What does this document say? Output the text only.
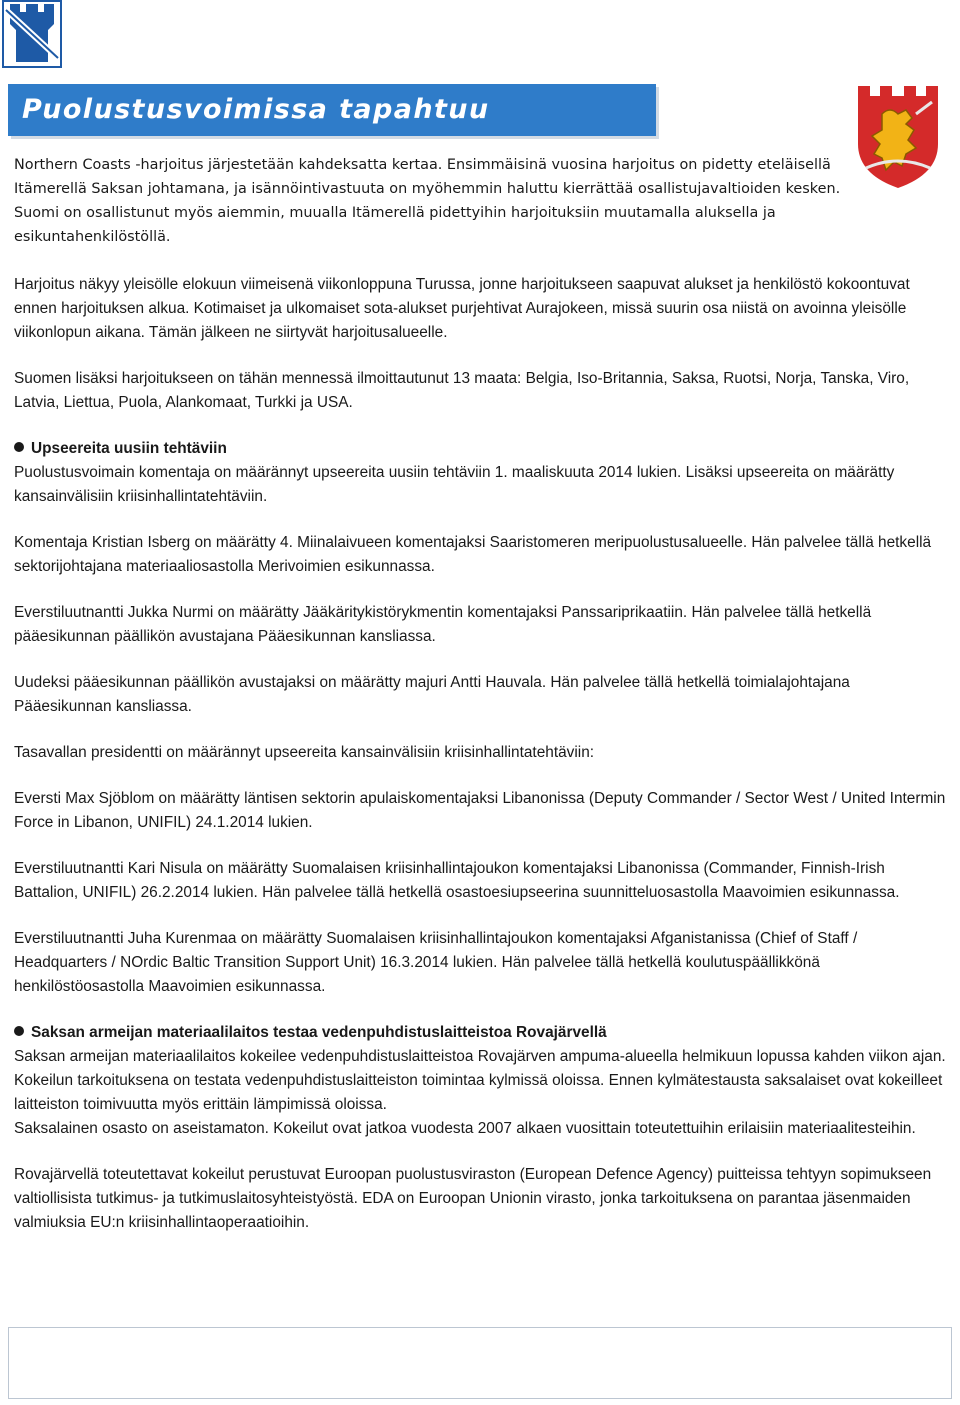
Puolustusvoimissa tapahtuu

Northern Coasts -harjoitus järjestetään kahdeksatta kertaa. Ensimmäisinä vuosina harjoitus on pidetty eteläisellä Itämerellä Saksan johtamana, ja isännöintivastuuta on myöhemmin haluttu kierrättää osallistujavaltioiden kesken. Suomi on osallistunut myös aiemmin, muualla Itämerellä pidettyihin harjoituksiin muutamalla aluksella ja esikuntahenkilöstöllä.

Harjoitus näkyy yleisölle elokuun viimeisenä viikonloppuna Turussa, jonne harjoitukseen saapuvat alukset ja henkilöstö kokoontuvat ennen harjoituksen alkua. Kotimaiset ja ulkomaiset sota-alukset purjehtivat Aurajokeen, missä suurin osa niistä on avoinna yleisölle viikonlopun aikana. Tämän jälkeen ne siirtyvät harjoitusalueelle.

Suomen lisäksi harjoitukseen on tähän mennessä ilmoittautunut 13 maata: Belgia, Iso-Britannia, Saksa, Ruotsi, Norja, Tanska, Viro, Latvia, Liettua, Puola, Alankomaat, Turkki ja USA.

Upseereita uusiin tehtäviin

Puolustusvoimain komentaja on määrännyt upseereita uusiin tehtäviin 1. maaliskuuta 2014 lukien. Lisäksi upseereita on määrätty kansainvälisiin kriisinhallintatehtäviin.

Komentaja Kristian Isberg on määrätty 4. Miinalaivueen komentajaksi Saaristomeren meripuolustusalueelle. Hän palvelee tällä hetkellä sektorijohtajana materiaaliosastolla Merivoimien esikunnassa.

Everstiluutnantti Jukka Nurmi on määrätty Jääkäritykistörykmentin komentajaksi Panssariprikaatiin. Hän palvelee tällä hetkellä pääesikunnan päällikön avustajana Pääesikunnan kansliassa.

Uudeksi pääesikunnan päällikön avustajaksi on määrätty majuri Antti Hauvala. Hän palvelee tällä hetkellä toimialajohtajana Pääesikunnan kansliassa.

Tasavallan presidentti on määrännyt upseereita kansainvälisiin kriisinhallintatehtäviin:

Eversti Max Sjöblom on määrätty läntisen sektorin apulaiskomentajaksi Libanonissa (Deputy Commander / Sector West / United Intermin Force in Libanon, UNIFIL) 24.1.2014 lukien.

Everstiluutnantti Kari Nisula on määrätty Suomalaisen kriisinhallintajoukon komentajaksi Libanonissa (Commander, Finnish-Irish Battalion, UNIFIL) 26.2.2014 lukien. Hän palvelee tällä hetkellä osastoesiupseerina suunnitteluosastolla Maavoimien esikunnassa.

Everstiluutnantti Juha Kurenmaa on määrätty Suomalaisen kriisinhallintajoukon komentajaksi Afganistanissa (Chief of Staff / Headquarters / NOrdic Baltic Transition Support Unit) 16.3.2014 lukien. Hän palvelee tällä hetkellä koulutuspäällikkönä henkilöstöosastolla Maavoimien esikunnassa.

Saksan armeijan materiaalilaitos testaa vedenpuhdistuslaitteistoa Rovajärvellä

Saksan armeijan materiaalilaitos kokeilee vedenpuhdistuslaitteistoa Rovajärven ampuma-alueella helmikuun lopussa kahden viikon ajan. Kokeilun tarkoituksena on testata vedenpuhdistuslaitteiston toimintaa kylmissä oloissa. Ennen kylmätestausta saksalaiset ovat kokeilleet laitteiston toimivuutta myös erittäin lämpimissä oloissa.

Saksalainen osasto on aseistamaton. Kokeilut ovat jatkoa vuodesta 2007 alkaen vuosittain toteutettuihin erilaisiin materiaalitesteihin.

Rovajärvellä toteutettavat kokeilut perustuvat Euroopan puolustusviraston (European Defence Agency) puitteissa tehtyyn sopimukseen valtiollisista tutkimus- ja tutkimuslaitosyhteistyöstä. EDA on Euroopan Unionin virasto, jonka tarkoituksena on parantaa jäsenmaiden valmiuksia EU:n kriisinhallintaoperaatioihin.
